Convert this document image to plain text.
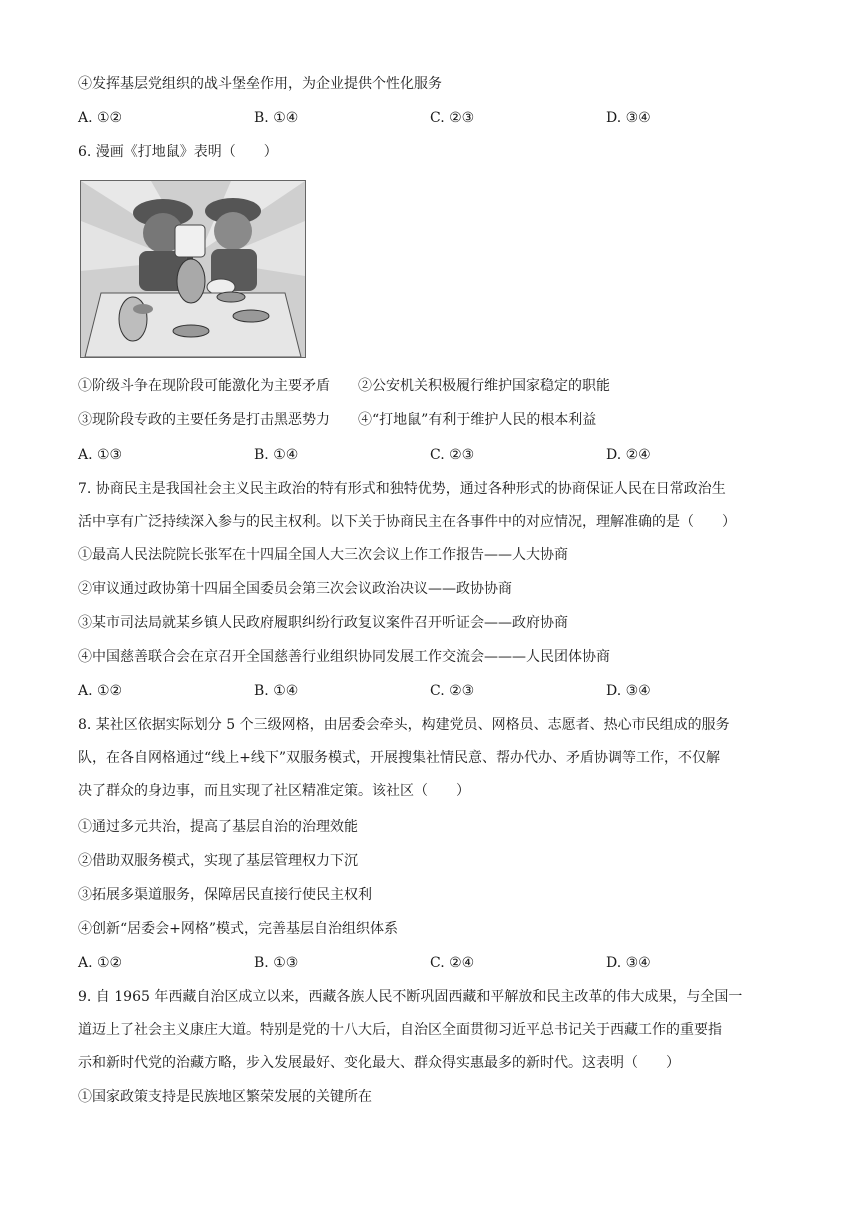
④发挥基层党组织的战斗堡垒作用，为企业提供个性化服务
A. ①②	B. ①④	C. ②③	D. ③④
6. 漫画《打地鼠》表明（　　）
①阶级斗争在现阶段可能激化为主要矛盾　　②公安机关积极履行维护国家稳定的职能
③现阶段专政的主要任务是打击黑恶势力　　④“打地鼠”有利于维护人民的根本利益
A. ①③	B. ①④	C. ②③	D. ②④
7. 协商民主是我国社会主义民主政治的特有形式和独特优势，通过各种形式的协商保证人民在日常政治生
活中享有广泛持续深入参与的民主权利。以下关于协商民主在各事件中的对应情况，理解准确的是（　　）
①最高人民法院院长张军在十四届全国人大三次会议上作工作报告——人大协商
②审议通过政协第十四届全国委员会第三次会议政治决议——政协协商
③某市司法局就某乡镇人民政府履职纠纷行政复议案件召开听证会——政府协商
④中国慈善联合会在京召开全国慈善行业组织协同发展工作交流会———人民团体协商
A. ①②	B. ①④	C. ②③	D. ③④
8. 某社区依据实际划分 5 个三级网格，由居委会牵头，构建党员、网格员、志愿者、热心市民组成的服务
队，在各自网格通过“线上+线下”双服务模式，开展搜集社情民意、帮办代办、矛盾协调等工作，不仅解
决了群众的身边事，而且实现了社区精准定策。该社区（　　）
①通过多元共治，提高了基层自治的治理效能
②借助双服务模式，实现了基层管理权力下沉
③拓展多渠道服务，保障居民直接行使民主权利
④创新“居委会+网格”模式，完善基层自治组织体系
A. ①②	B. ①③	C. ②④	D. ③④
9. 自 1965 年西藏自治区成立以来，西藏各族人民不断巩固西藏和平解放和民主改革的伟大成果，与全国一
道迈上了社会主义康庄大道。特别是党的十八大后，自治区全面贯彻习近平总书记关于西藏工作的重要指
示和新时代党的治藏方略，步入发展最好、变化最大、群众得实惠最多的新时代。这表明（　　）
①国家政策支持是民族地区繁荣发展的关键所在
